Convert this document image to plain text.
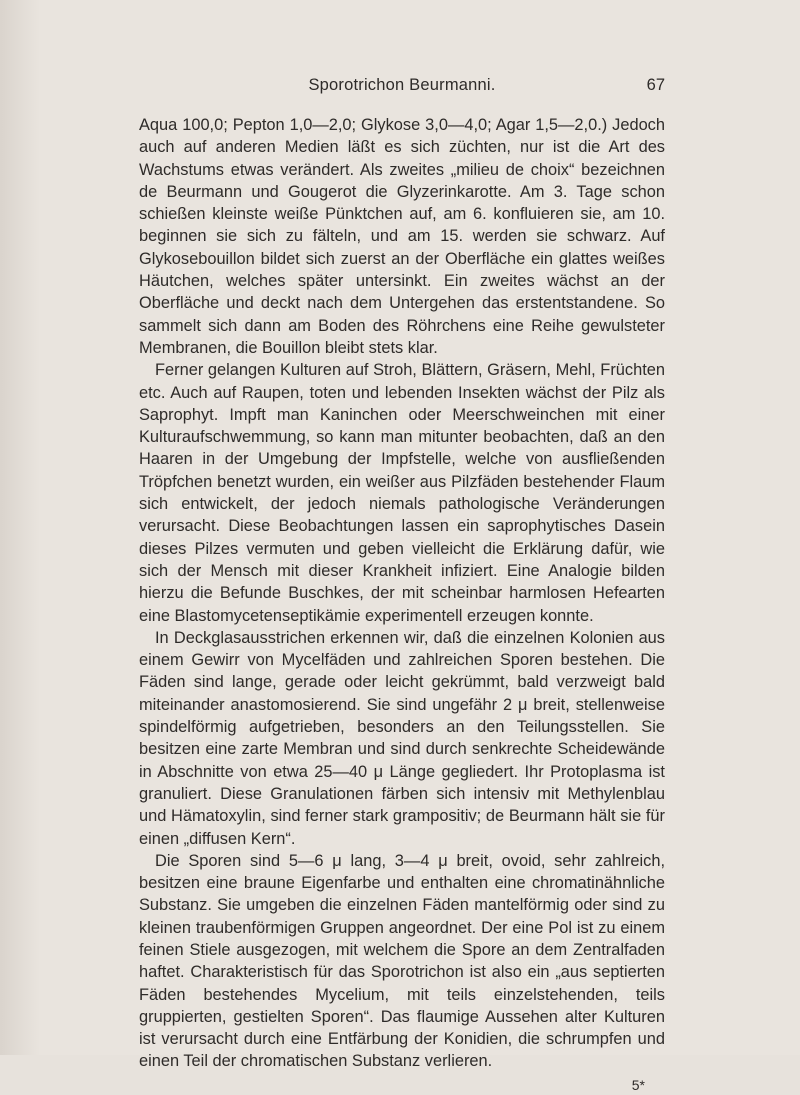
Sporotrichon Beurmanni.	67

Aqua 100,0; Pepton 1,0—2,0; Glykose 3,0—4,0; Agar 1,5—2,0.) Jedoch auch auf anderen Medien läßt es sich züchten, nur ist die Art des Wachstums etwas verändert. Als zweites „milieu de choix“ bezeichnen de Beurmann und Gougerot die Glyzerinkarotte. Am 3. Tage schon schießen kleinste weiße Pünktchen auf, am 6. konfluieren sie, am 10. beginnen sie sich zu fälteln, und am 15. werden sie schwarz. Auf Glykosebouillon bildet sich zuerst an der Oberfläche ein glattes weißes Häutchen, welches später untersinkt. Ein zweites wächst an der Oberfläche und deckt nach dem Untergehen das erstentstandene. So sammelt sich dann am Boden des Röhrchens eine Reihe gewulsteter Membranen, die Bouillon bleibt stets klar.

Ferner gelangen Kulturen auf Stroh, Blättern, Gräsern, Mehl, Früchten etc. Auch auf Raupen, toten und lebenden Insekten wächst der Pilz als Saprophyt. Impft man Kaninchen oder Meerschweinchen mit einer Kulturaufschwemmung, so kann man mitunter beobachten, daß an den Haaren in der Umgebung der Impfstelle, welche von ausfließenden Tröpfchen benetzt wurden, ein weißer aus Pilzfäden bestehender Flaum sich entwickelt, der jedoch niemals pathologische Veränderungen verursacht. Diese Beobachtungen lassen ein saprophytisches Dasein dieses Pilzes vermuten und geben vielleicht die Erklärung dafür, wie sich der Mensch mit dieser Krankheit infiziert. Eine Analogie bilden hierzu die Befunde Buschkes, der mit scheinbar harmlosen Hefearten eine Blastomycetenseptikämie experimentell erzeugen konnte.

In Deckglasausstrichen erkennen wir, daß die einzelnen Kolonien aus einem Gewirr von Mycelfäden und zahlreichen Sporen bestehen. Die Fäden sind lange, gerade oder leicht gekrümmt, bald verzweigt bald miteinander anastomosierend. Sie sind ungefähr 2 μ breit, stellenweise spindelförmig aufgetrieben, besonders an den Teilungsstellen. Sie besitzen eine zarte Membran und sind durch senkrechte Scheidewände in Abschnitte von etwa 25—40 μ Länge gegliedert. Ihr Protoplasma ist granuliert. Diese Granulationen färben sich intensiv mit Methylenblau und Hämatoxylin, sind ferner stark grampositiv; de Beurmann hält sie für einen „diffusen Kern“.

Die Sporen sind 5—6 μ lang, 3—4 μ breit, ovoid, sehr zahlreich, besitzen eine braune Eigenfarbe und enthalten eine chromatinähnliche Substanz. Sie umgeben die einzelnen Fäden mantelförmig oder sind zu kleinen traubenförmigen Gruppen angeordnet. Der eine Pol ist zu einem feinen Stiele ausgezogen, mit welchem die Spore an dem Zentralfaden haftet. Charakteristisch für das Sporotrichon ist also ein „aus septierten Fäden bestehendes Mycelium, mit teils einzelstehenden, teils gruppierten, gestielten Sporen“. Das flaumige Aussehen alter Kulturen ist verursacht durch eine Entfärbung der Konidien, die schrumpfen und einen Teil der chromatischen Substanz verlieren.

5*
